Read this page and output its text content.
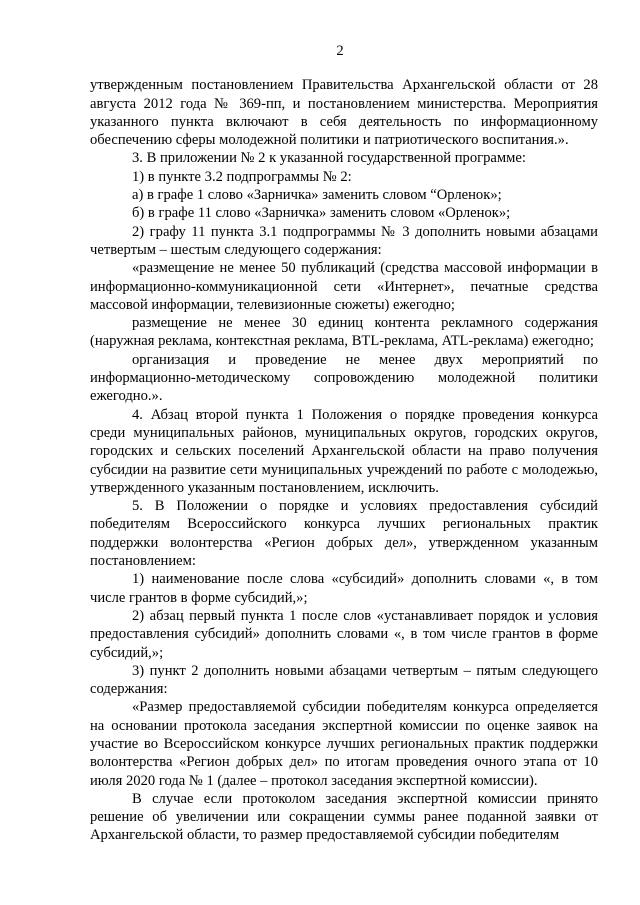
2

утвержденным постановлением Правительства Архангельской области от 28 августа 2012 года № 369-пп, и постановлением министерства. Мероприятия указанного пункта включают в себя деятельность по информационному обеспечению сферы молодежной политики и патриотического воспитания.».

3. В приложении № 2 к указанной государственной программе:

1) в пункте 3.2 подпрограммы № 2:

а) в графе 1 слово «Зарничка» заменить словом “Орленок»;

б) в графе 11 слово «Зарничка» заменить словом «Орленок»;

2) графу 11 пункта 3.1 подпрограммы № 3 дополнить новыми абзацами четвертым – шестым следующего содержания:

«размещение не менее 50 публикаций (средства массовой информации в информационно-коммуникационной сети «Интернет», печатные средства массовой информации, телевизионные сюжеты) ежегодно;

размещение не менее 30 единиц контента рекламного содержания (наружная реклама, контекстная реклама, BTL-реклама, ATL-реклама) ежегодно;

организация и проведение не менее двух мероприятий по информационно-методическому сопровождению молодежной политики ежегодно.».

4. Абзац второй пункта 1 Положения о порядке проведения конкурса среди муниципальных районов, муниципальных округов, городских округов, городских и сельских поселений Архангельской области на право получения субсидии на развитие сети муниципальных учреждений по работе с молодежью, утвержденного указанным постановлением, исключить.

5. В Положении о порядке и условиях предоставления субсидий победителям Всероссийского конкурса лучших региональных практик поддержки волонтерства «Регион добрых дел», утвержденном указанным постановлением:

1) наименование после слова «субсидий» дополнить словами «, в том числе грантов в форме субсидий,»;

2) абзац первый пункта 1 после слов «устанавливает порядок и условия предоставления субсидий» дополнить словами «, в том числе грантов в форме субсидий,»;

3) пункт 2 дополнить новыми абзацами четвертым – пятым следующего содержания:

«Размер предоставляемой субсидии победителям конкурса определяется на основании протокола заседания экспертной комиссии по оценке заявок на участие во Всероссийском конкурсе лучших региональных практик поддержки волонтерства «Регион добрых дел» по итогам проведения очного этапа от 10 июля 2020 года № 1 (далее – протокол заседания экспертной комиссии).

В случае если протоколом заседания экспертной комиссии принято решение об увеличении или сокращении суммы ранее поданной заявки от Архангельской области, то размер предоставляемой субсидии победителям
